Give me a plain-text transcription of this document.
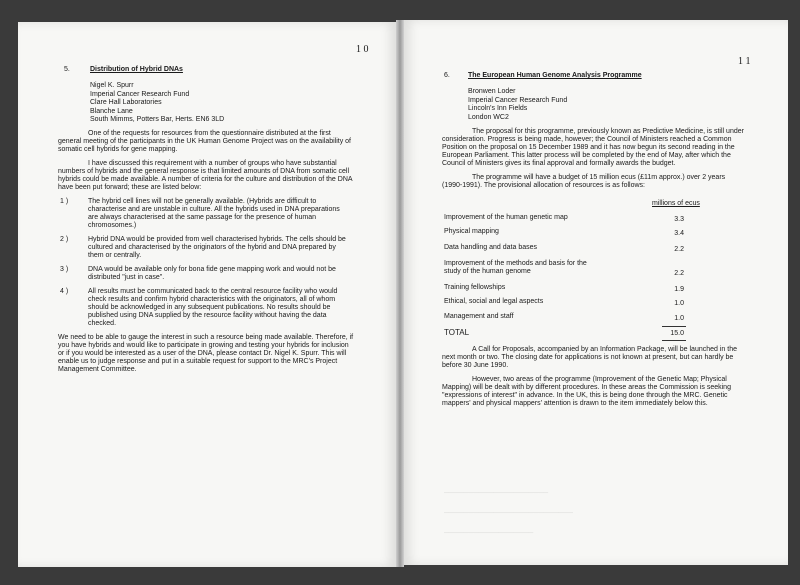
1 0
5.	Distribution of Hybrid DNAs
Nigel K. Spurr
Imperial Cancer Research Fund
Clare Hall Laboratories
Blanche Lane
South Mimms, Potters Bar, Herts. EN6 3LD

One of the requests for resources from the questionnaire distributed at the first general meeting of the participants in the UK Human Genome Project was on the availability of somatic cell hybrids for gene mapping.

I have discussed this requirement with a number of groups who have substantial numbers of hybrids and the general response is that limited amounts of DNA from somatic cell hybrids could be made available. A number of criteria for the culture and distribution of the DNA have been put forward; these are listed below:

1 )	The hybrid cell lines will not be generally available. (Hybrids are difficult to characterise and are unstable in culture. All the hybrids used in DNA preparations are always characterised at the same passage for the presence of human chromosomes.)
2 )	Hybrid DNA would be provided from well characterised hybrids. The cells should be cultured and characterised by the originators of the hybrid and DNA prepared by them or centrally.
3 )	DNA would be available only for bona fide gene mapping work and would not be distributed "just in case".
4 )	All results must be communicated back to the central resource facility who would check results and confirm hybrid characteristics with the originators, all of whom should be acknowledged in any subsequent publications. No results should be published using DNA supplied by the resource facility without having the data checked.

We need to be able to gauge the interest in such a resource being made available. Therefore, if you have hybrids and would like to participate in growing and testing your hybrids for inclusion or if you would be interested as a user of the DNA, please contact Dr. Nigel K. Spurr. This will enable us to judge response and put in a suitable request for support to the MRC's Project Management Committee.

1 1
6.	The European Human Genome Analysis Programme
Bronwen Loder
Imperial Cancer Research Fund
Lincoln's Inn Fields
London WC2

The proposal for this programme, previously known as Predictive Medicine, is still under consideration. Progress is being made, however; the Council of Ministers reached a Common Position on the proposal on 15 December 1989 and it has now begun its second reading in the European Parliament. This latter process will be completed by the end of May, after which the Council of Ministers gives its final approval and formally awards the budget.

The programme will have a budget of 15 million ecus (£11m approx.) over 2 years (1990-1991). The provisional allocation of resources is as follows:

millions of ecus
Improvement of the human genetic map	3.3
Physical mapping	3.4
Data handling and data bases	2.2
Improvement of the methods and basis for the study of the human genome	2.2
Training fellowships	1.9
Ethical, social and legal aspects	1.0
Management and staff	1.0
TOTAL	15.0

A Call for Proposals, accompanied by an Information Package, will be launched in the next month or two. The closing date for applications is not known at present, but can hardly be before 30 June 1990.

However, two areas of the programme (Improvement of the Genetic Map; Physical Mapping) will be dealt with by different procedures. In these areas the Commission is seeking "expressions of interest" in advance. In the UK, this is being done through the MRC. Genetic mappers' and physical mappers' attention is drawn to the item immediately below this.

─────────────────────
──────────────────────────
──────────────────
